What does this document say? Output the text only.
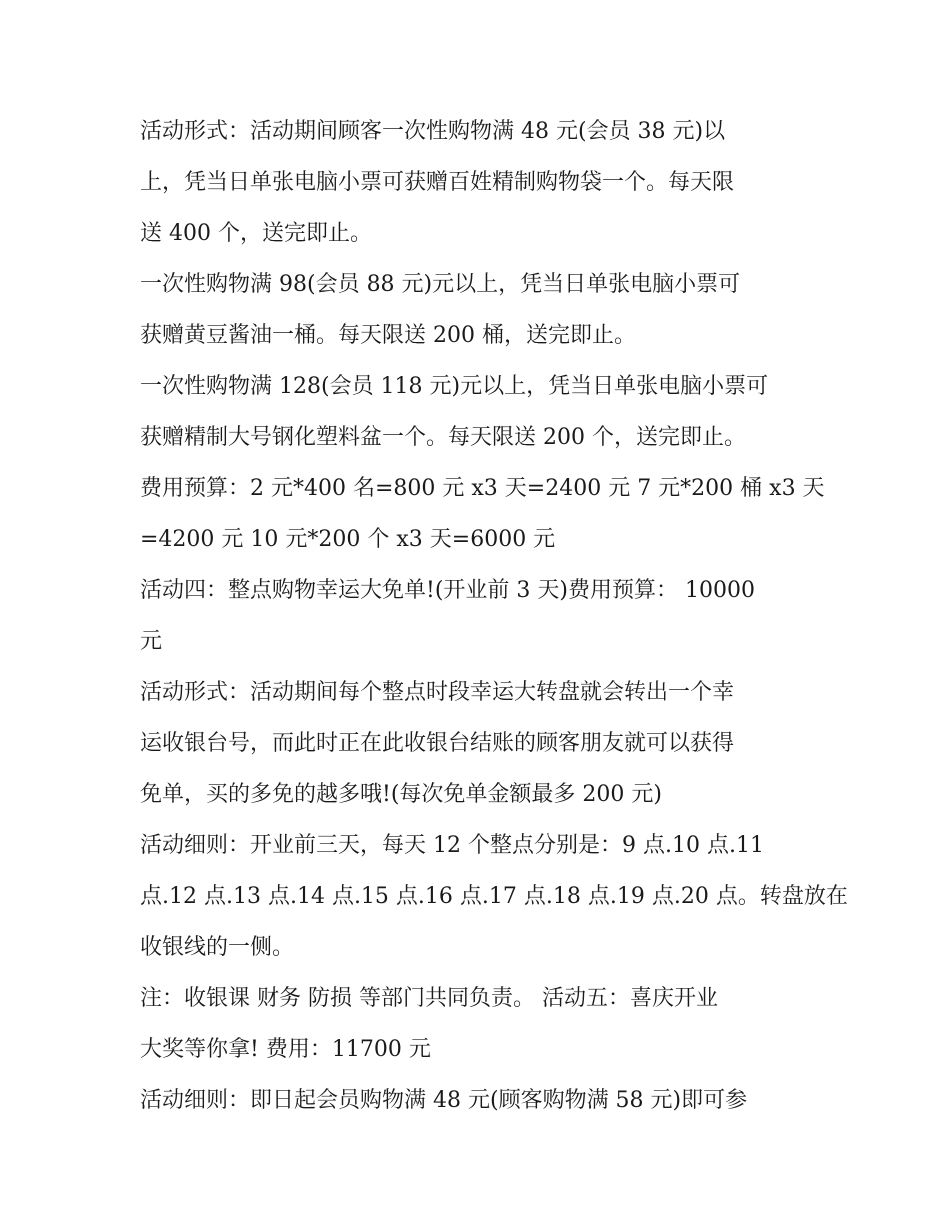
活动形式：活动期间顾客一次性购物满 48 元(会员 38 元)以
上，凭当日单张电脑小票可获赠百姓精制购物袋一个。每天限
送 400 个，送完即止。
一次性购物满 98(会员 88 元)元以上，凭当日单张电脑小票可
获赠黄豆酱油一桶。每天限送 200 桶，送完即止。
一次性购物满 128(会员 118 元)元以上，凭当日单张电脑小票可
获赠精制大号钢化塑料盆一个。每天限送 200 个，送完即止。
费用预算：2 元*400 名=800 元 x3 天=2400 元 7 元*200 桶 x3 天
=4200 元 10 元*200 个 x3 天=6000 元
活动四：整点购物幸运大免单!(开业前 3 天)费用预算： 10000
元
活动形式：活动期间每个整点时段幸运大转盘就会转出一个幸
运收银台号，而此时正在此收银台结账的顾客朋友就可以获得
免单，买的多免的越多哦!(每次免单金额最多 200 元)
活动细则：开业前三天，每天 12 个整点分别是：9 点.10 点.11
点.12 点.13 点.14 点.15 点.16 点.17 点.18 点.19 点.20 点。转盘放在
收银线的一侧。
注：收银课 财务 防损 等部门共同负责。 活动五：喜庆开业
大奖等你拿! 费用：11700 元
活动细则：即日起会员购物满 48 元(顾客购物满 58 元)即可参
